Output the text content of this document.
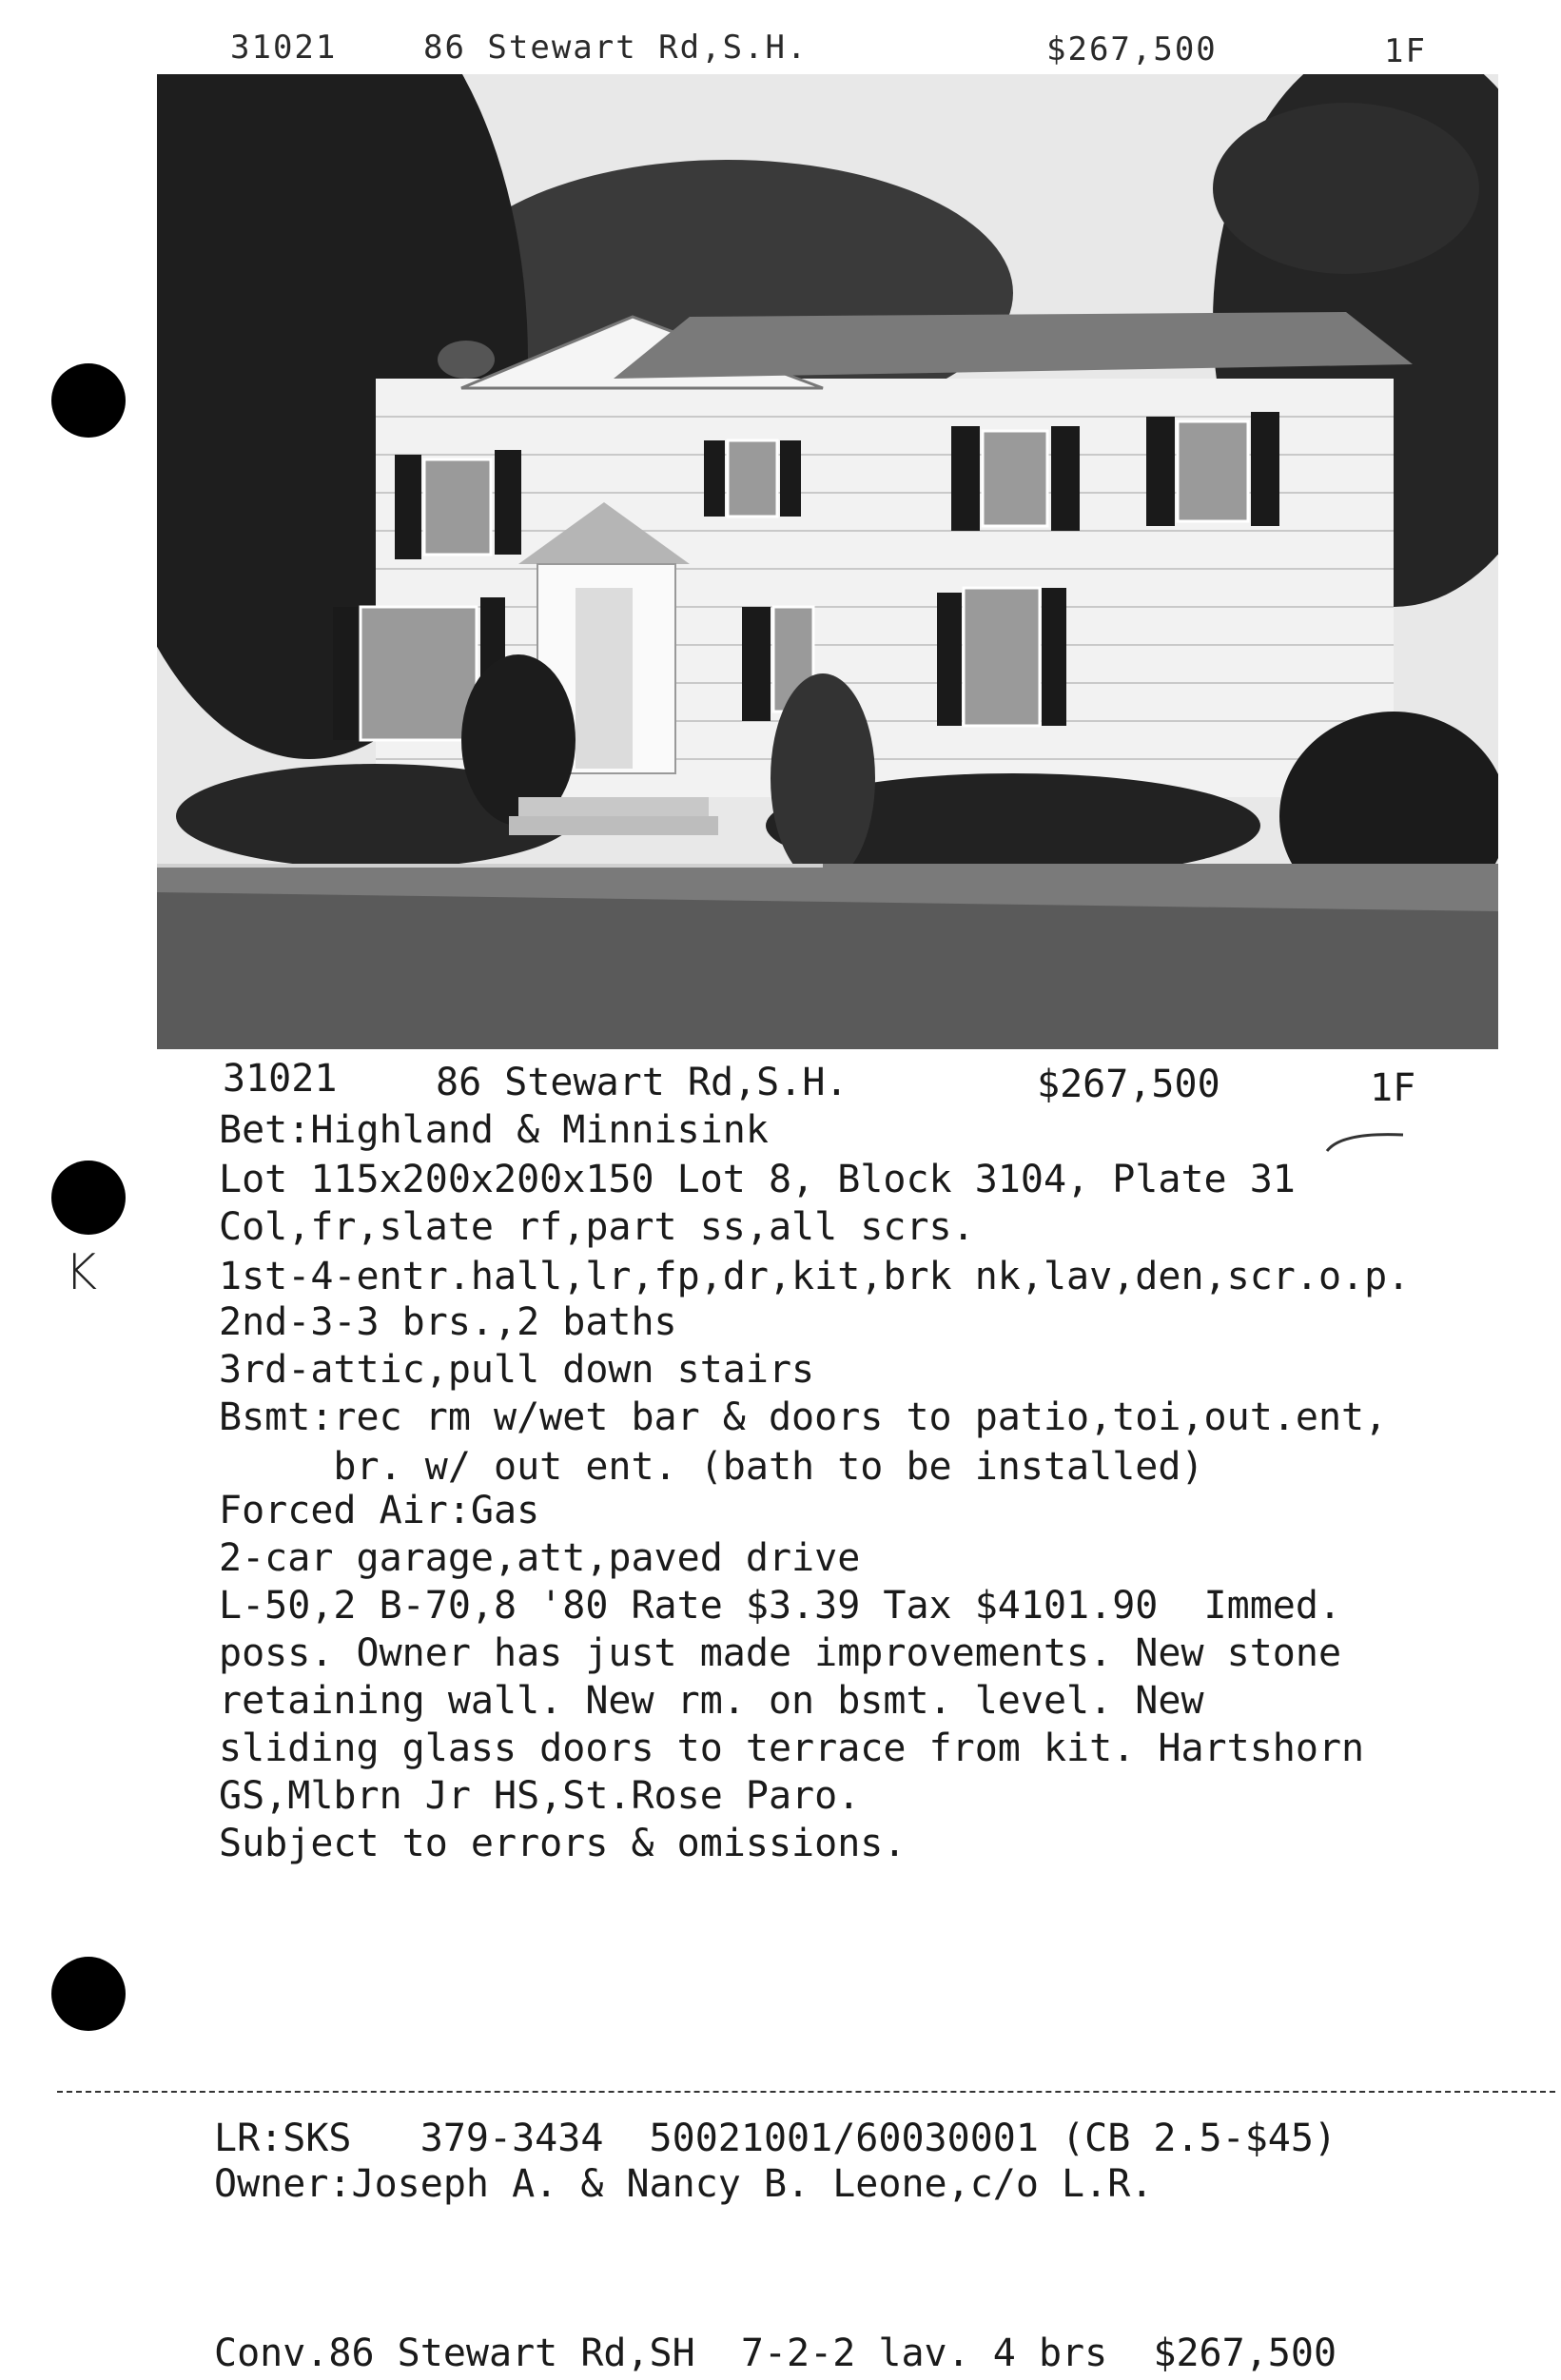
31021	86 Stewart Rd,S.H.	$267,500	1F
K
31021	86 Stewart Rd,S.H.	$267,500	1F
Bet:Highland & Minnisink
Lot 115x200x200x150 Lot 8, Block 3104, Plate 31
Col,fr,slate rf,part ss,all scrs.
1st-4-entr.hall,lr,fp,dr,kit,brk nk,lav,den,scr.o.p.
2nd-3-3 brs.,2 baths
3rd-attic,pull down stairs
Bsmt:rec rm w/wet bar & doors to patio,toi,out.ent,
br. w/ out ent. (bath to be installed)
Forced Air:Gas
2-car garage,att,paved drive
L-50,2 B-70,8 '80 Rate $3.39 Tax $4101.90  Immed.
poss. Owner has just made improvements. New stone
retaining wall. New rm. on bsmt. level. New
sliding glass doors to terrace from kit. Hartshorn
GS,Mlbrn Jr HS,St.Rose Paro.
Subject to errors & omissions.
LR:SKS   379-3434  50021001/60030001 (CB 2.5-$45)
Owner:Joseph A. & Nancy B. Leone,c/o L.R.
Conv.86 Stewart Rd,SH  7-2-2 lav. 4 brs  $267,500
